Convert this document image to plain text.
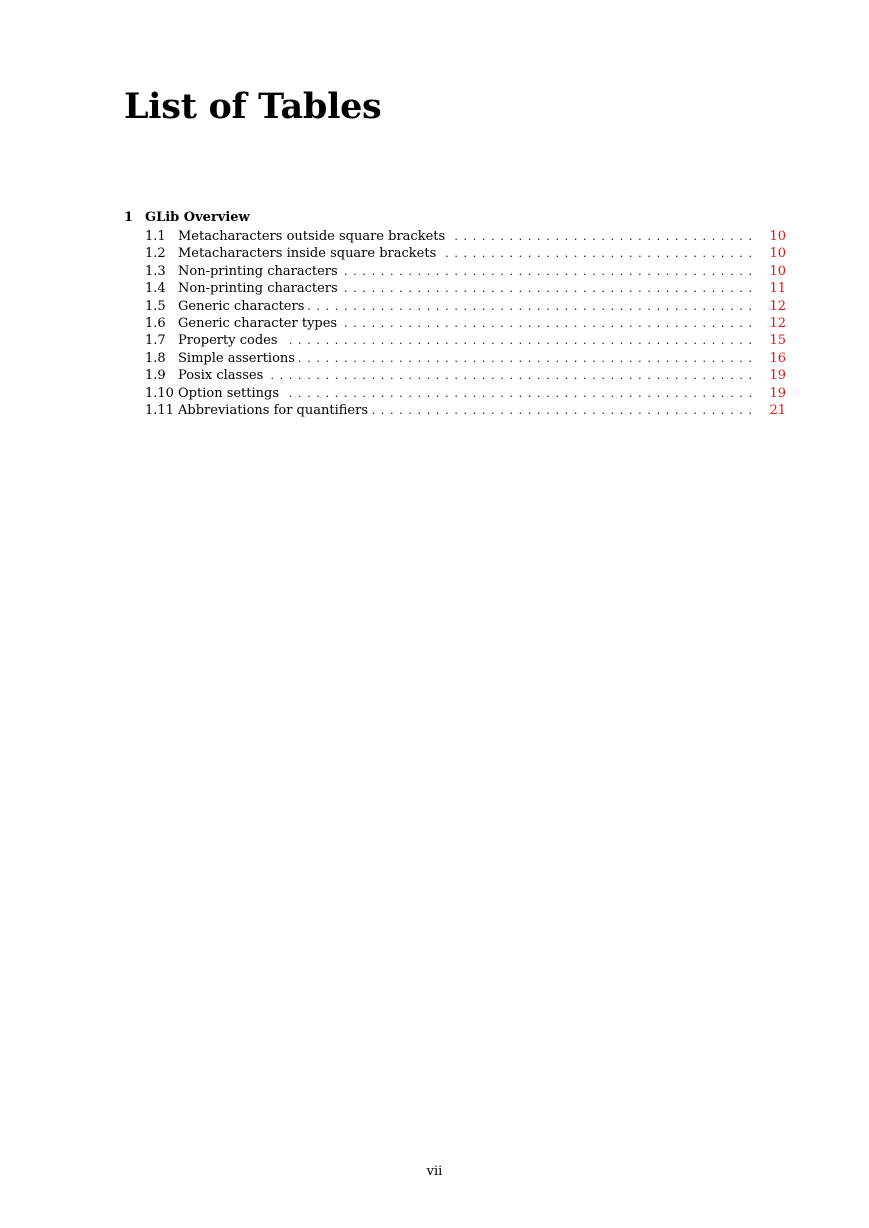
List of Tables
1 GLib Overview
1.1 Metacharacters outside square brackets . . .	10
1.2 Metacharacters inside square brackets . . .	10
1.3 Non-printing characters . . .	10
1.4 Non-printing characters . . .	11
1.5 Generic characters . . .	12
1.6 Generic character types . . .	12
1.7 Property codes . . .	15
1.8 Simple assertions . . .	16
1.9 Posix classes . . .	19
1.10 Option settings . . .	19
1.11 Abbreviations for quantifiers . . .	21
vii
